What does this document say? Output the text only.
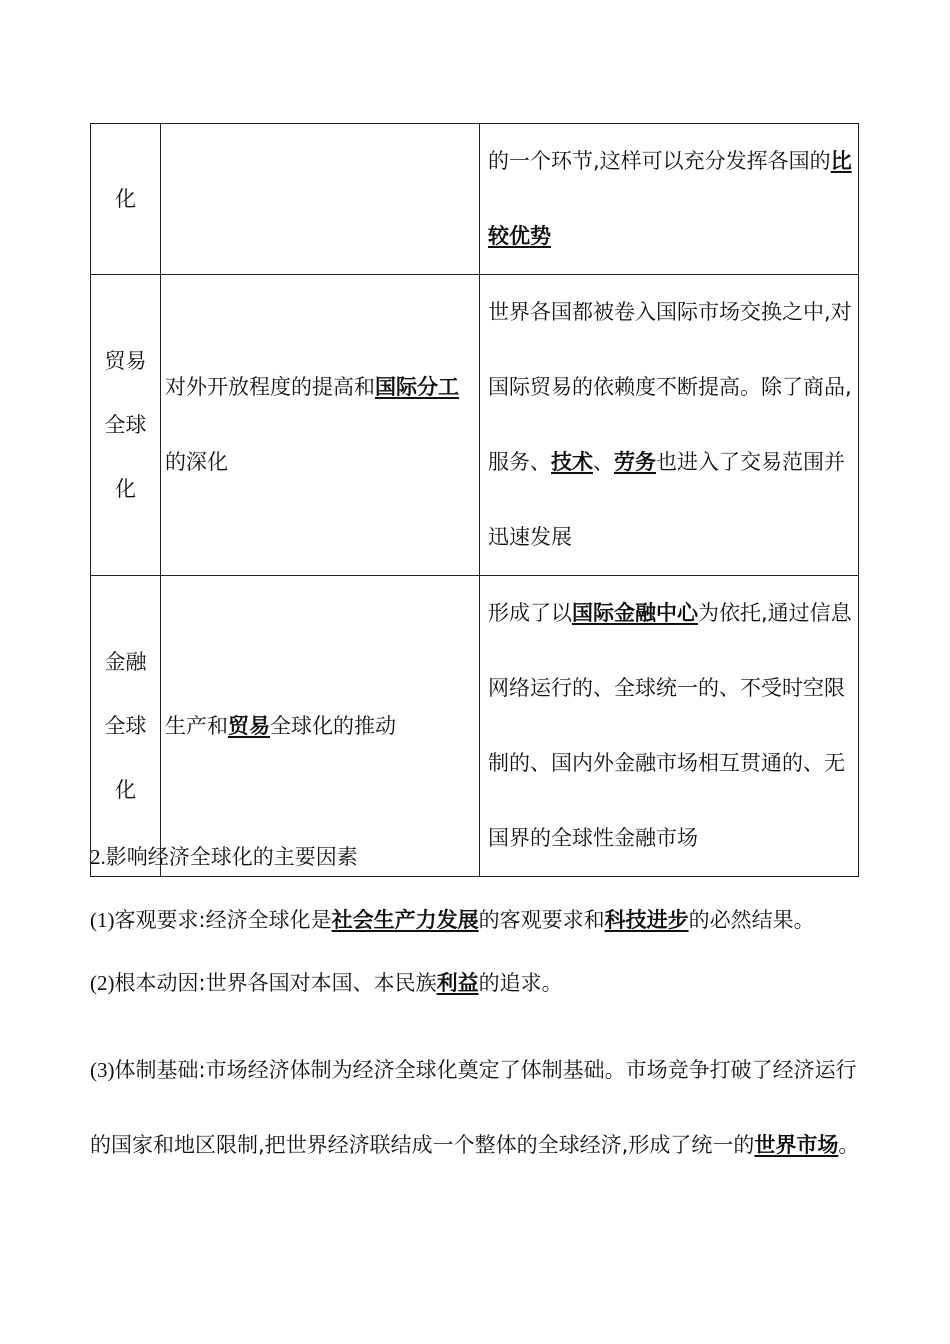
化		的一个环节,这样可以充分发挥各国的比较优势

贸易
全球
化	对外开放程度的提高和国际分工的深化	世界各国都被卷入国际市场交换之中,对国际贸易的依赖度不断提高。除了商品,服务、技术、劳务也进入了交易范围并迅速发展

金融
全球
化	生产和贸易全球化的推动	形成了以国际金融中心为依托,通过信息网络运行的、全球统一的、不受时空限制的、国内外金融市场相互贯通的、无国界的全球性金融市场
2.影响经济全球化的主要因素
(1)客观要求:经济全球化是社会生产力发展的客观要求和科技进步的必然结果。
(2)根本动因:世界各国对本国、本民族利益的追求。
(3)体制基础:市场经济体制为经济全球化奠定了体制基础。市场竞争打破了经济运行的国家和地区限制,把世界经济联结成一个整体的全球经济,形成了统一的世界市场。
